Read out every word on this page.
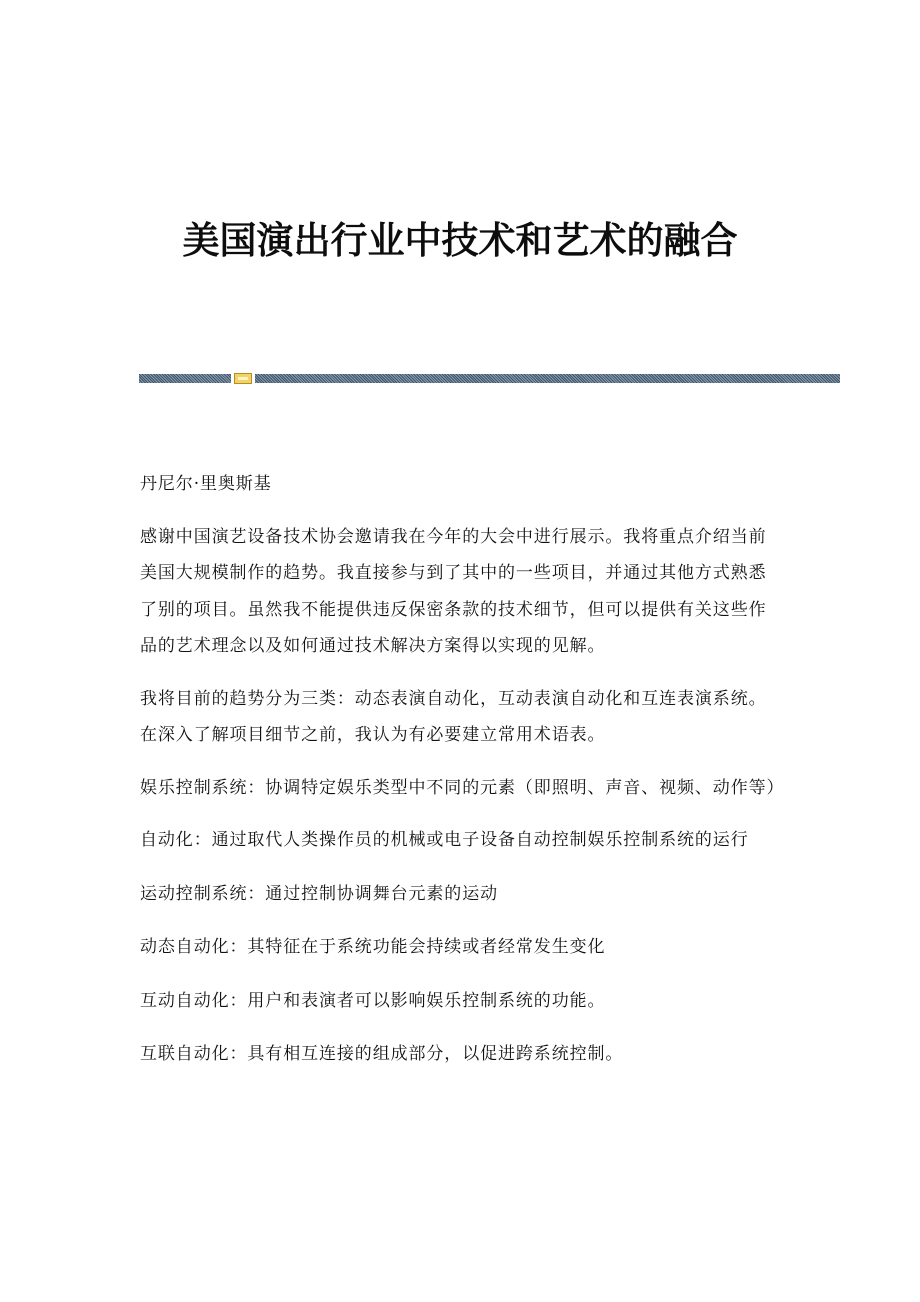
美国演出行业中技术和艺术的融合

丹尼尔·里奥斯基

感谢中国演艺设备技术协会邀请我在今年的大会中进行展示。我将重点介绍当前美国大规模制作的趋势。我直接参与到了其中的一些项目，并通过其他方式熟悉了别的项目。虽然我不能提供违反保密条款的技术细节，但可以提供有关这些作品的艺术理念以及如何通过技术解决方案得以实现的见解。

我将目前的趋势分为三类：动态表演自动化，互动表演自动化和互连表演系统。在深入了解项目细节之前，我认为有必要建立常用术语表。

娱乐控制系统：协调特定娱乐类型中不同的元素（即照明、声音、视频、动作等）

自动化：通过取代人类操作员的机械或电子设备自动控制娱乐控制系统的运行

运动控制系统：通过控制协调舞台元素的运动

动态自动化：其特征在于系统功能会持续或者经常发生变化

互动自动化：用户和表演者可以影响娱乐控制系统的功能。

互联自动化：具有相互连接的组成部分，以促进跨系统控制。
